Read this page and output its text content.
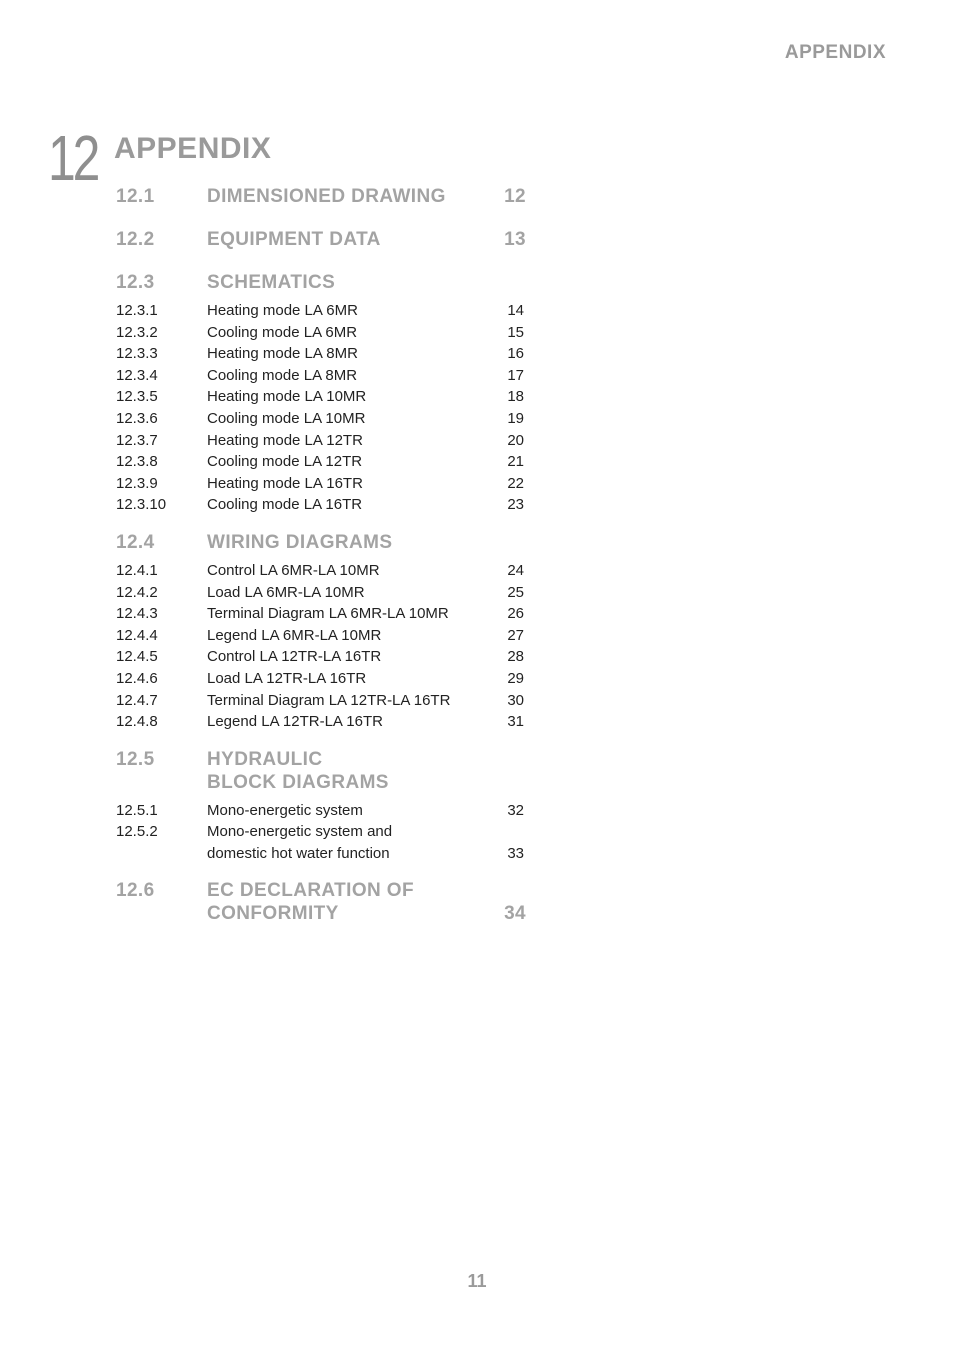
APPENDIX
12 APPENDIX
12.1	DIMENSIONED DRAWING	12
12.2	EQUIPMENT DATA	13
12.3	SCHEMATICS
12.3.1	Heating mode LA 6MR	14
12.3.2	Cooling mode LA 6MR	15
12.3.3	Heating mode LA 8MR	16
12.3.4	Cooling mode LA 8MR	17
12.3.5	Heating mode LA 10MR	18
12.3.6	Cooling mode LA 10MR	19
12.3.7	Heating mode LA 12TR	20
12.3.8	Cooling mode LA 12TR	21
12.3.9	Heating mode LA 16TR	22
12.3.10	Cooling mode LA 16TR	23
12.4	WIRING DIAGRAMS
12.4.1	Control LA 6MR-LA 10MR	24
12.4.2	Load LA 6MR-LA 10MR	25
12.4.3	Terminal Diagram LA 6MR-LA 10MR	26
12.4.4	Legend LA 6MR-LA 10MR	27
12.4.5	Control LA 12TR-LA 16TR	28
12.4.6	Load LA 12TR-LA 16TR	29
12.4.7	Terminal Diagram LA 12TR-LA 16TR	30
12.4.8	Legend LA 12TR-LA 16TR	31
12.5	HYDRAULIC
BLOCK DIAGRAMS
12.5.1	Mono-energetic system	32
12.5.2	Mono-energetic system and
domestic hot water function	33
12.6	EC DECLARATION OF
CONFORMITY	34
11
